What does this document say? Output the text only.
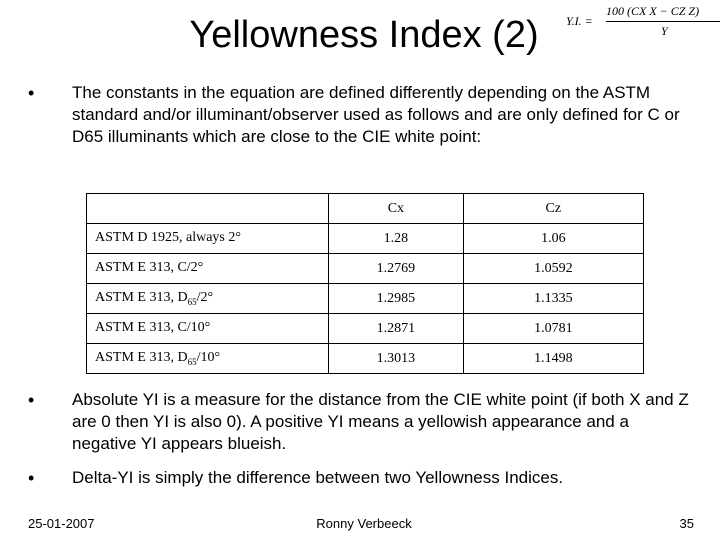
Yellowness Index (2)	Y.I. =
100 (CX X − CZ Z)
Y
• The constants in the equation are defined differently depending on the ASTM standard and/or illuminant/observer used as follows and are only defined for C or D65 illuminants which are close to the CIE white point:
	Cx	Cz
ASTM D 1925, always 2°	1.28	1.06
ASTM E 313, C/2°	1.2769	1.0592
ASTM E 313, $D_{65}/2^\circ$	1.2985	1.1335
ASTM E 313, C/10°	1.2871	1.0781
ASTM E 313, $D_{65}/10^\circ$	1.3013	1.1498
• Absolute YI is a measure for the distance from the CIE white point (if both X and Z are 0 then YI is also 0). A positive YI means a yellowish appearance and a negative YI appears blueish.
• Delta-YI is simply the difference between two Yellowness Indices.
25-01-2007	Ronny Verbeeck	35
